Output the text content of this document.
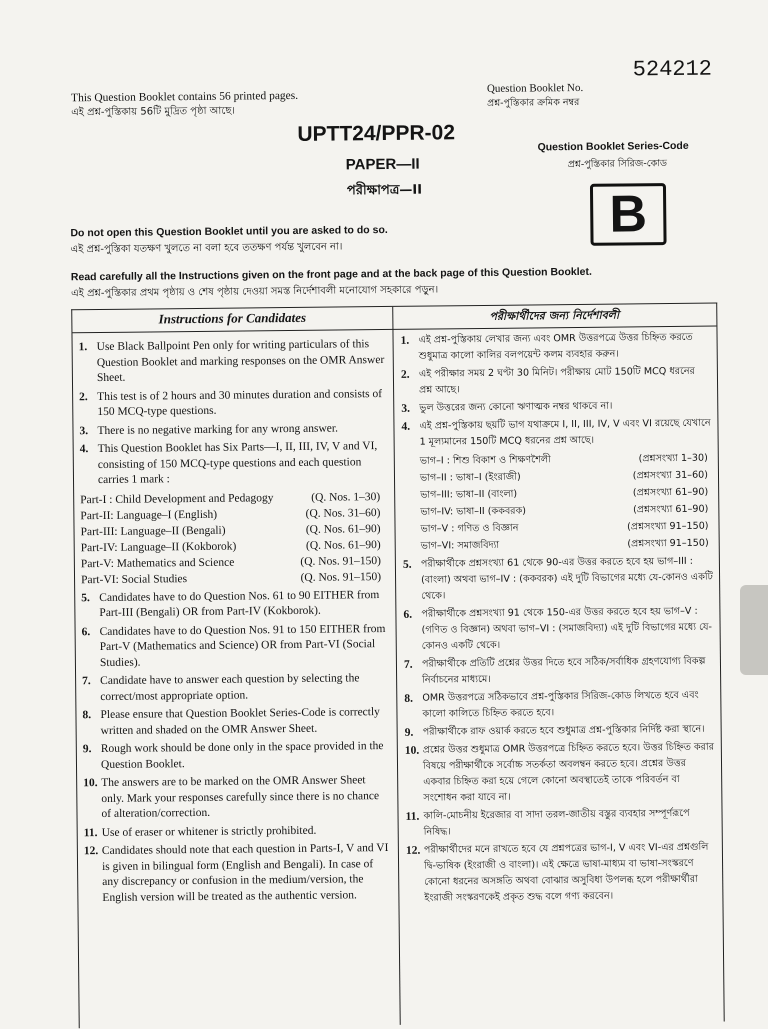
This Question Booklet contains 56 printed pages.
এই প্রশ্ন-পুস্তিকায় 56টি মুদ্রিত পৃষ্ঠা আছে।
Question Booklet No.
প্রশ্ন-পুস্তিকার ক্রমিক নম্বর
524212
UPTT24/PPR-02
PAPER—II
পরীক্ষাপত্র—II
Question Booklet Series-Code
প্রশ্ন-পুস্তিকার সিরিজ-কোড
B
Do not open this Question Booklet until you are asked to do so.
এই প্রশ্ন-পুস্তিকা যতক্ষণ খুলতে না বলা হবে ততক্ষণ পর্যন্ত খুলবেন না।
Read carefully all the Instructions given on the front page and at the back page of this Question Booklet.
এই প্রশ্ন-পুস্তিকার প্রথম পৃষ্ঠায় ও শেষ পৃষ্ঠায় দেওয়া সমস্ত নির্দেশাবলী মনোযোগ সহকারে পড়ুন।
Instructions for Candidates	পরীক্ষার্থীদের জন্য নির্দেশাবলী
1. Use Black Ballpoint Pen only for writing particulars of this Question Booklet and marking responses on the OMR Answer Sheet.
2. This test is of 2 hours and 30 minutes duration and consists of 150 MCQ-type questions.
3. There is no negative marking for any wrong answer.
4. This Question Booklet has Six Parts—I, II, III, IV, V and VI, consisting of 150 MCQ-type questions and each question carries 1 mark :
Part-I : Child Development and Pedagogy	(Q. Nos. 1–30)
Part-II: Language–I (English)	(Q. Nos. 31–60)
Part-III: Language–II (Bengali)	(Q. Nos. 61–90)
Part-IV: Language–II (Kokborok)	(Q. Nos. 61–90)
Part-V: Mathematics and Science	(Q. Nos. 91–150)
Part-VI: Social Studies	(Q. Nos. 91–150)
5. Candidates have to do Question Nos. 61 to 90 EITHER from Part-III (Bengali) OR from Part-IV (Kokborok).
6. Candidates have to do Question Nos. 91 to 150 EITHER from Part-V (Mathematics and Science) OR from Part-VI (Social Studies).
7. Candidate have to answer each question by selecting the correct/most appropriate option.
8. Please ensure that Question Booklet Series-Code is correctly written and shaded on the OMR Answer Sheet.
9. Rough work should be done only in the space provided in the Question Booklet.
10. The answers are to be marked on the OMR Answer Sheet only. Mark your responses carefully since there is no chance of alteration/correction.
11. Use of eraser or whitener is strictly prohibited.
12. Candidates should note that each question in Parts-I, V and VI is given in bilingual form (English and Bengali). In case of any discrepancy or confusion in the medium/version, the English version will be treated as the authentic version.
1. এই প্রশ্ন-পুস্তিকায় লেখার জন্য এবং OMR উত্তরপত্রে উত্তর চিহ্নিত করতে শুধুমাত্র কালো কালির বলপয়েন্ট কলম ব্যবহার করুন।
2. এই পরীক্ষার সময় 2 ঘণ্টা 30 মিনিট। পরীক্ষায় মোট 150টি MCQ ধরনের প্রশ্ন আছে।
3. ভুল উত্তরের জন্য কোনো ঋণাত্মক নম্বর থাকবে না।
4. এই প্রশ্ন-পুস্তিকায় ছয়টি ভাগ যথাক্রমে I, II, III, IV, V এবং VI রয়েছে যেখানে 1 মূল্যমানের 150টি MCQ ধরনের প্রশ্ন আছে।
ভাগ–I : শিশু বিকাশ ও শিক্ষণশৈলী	(প্রশ্নসংখ্যা 1–30)
ভাগ–II : ভাষা–I (ইংরাজী)	(প্রশ্নসংখ্যা 31–60)
ভাগ–III: ভাষা–II (বাংলা)	(প্রশ্নসংখ্যা 61–90)
ভাগ–IV: ভাষা–II (ককবরক)	(প্রশ্নসংখ্যা 61–90)
ভাগ–V : গণিত ও বিজ্ঞান	(প্রশ্নসংখ্যা 91–150)
ভাগ–VI: সমাজবিদ্যা	(প্রশ্নসংখ্যা 91–150)
5. পরীক্ষার্থীকে প্রশ্নসংখ্যা 61 থেকে 90-এর উত্তর করতে হবে হয় ভাগ–III : (বাংলা) অথবা ভাগ–IV : (ককবরক) এই দুটি বিভাগের মধ্যে যে-কোনও একটি থেকে।
6. পরীক্ষার্থীকে প্রশ্নসংখ্যা 91 থেকে 150-এর উত্তর করতে হবে হয় ভাগ–V : (গণিত ও বিজ্ঞান) অথবা ভাগ–VI : (সমাজবিদ্যা) এই দুটি বিভাগের মধ্যে যে-কোনও একটি থেকে।
7. পরীক্ষার্থীকে প্রতিটি প্রশ্নের উত্তর দিতে হবে সঠিক/সর্বাধিক গ্রহণযোগ্য বিকল্প নির্বাচনের মাধ্যমে।
8. OMR উত্তরপত্রে সঠিকভাবে প্রশ্ন-পুস্তিকার সিরিজ-কোড লিখতে হবে এবং কালো কালিতে চিহ্নিত করতে হবে।
9. পরীক্ষার্থীকে রাফ ওয়ার্ক করতে হবে শুধুমাত্র প্রশ্ন-পুস্তিকার নির্দিষ্ট করা স্থানে।
10. প্রশ্নের উত্তর শুধুমাত্র OMR উত্তরপত্রে চিহ্নিত করতে হবে। উত্তর চিহ্নিত করার বিষয়ে পরীক্ষার্থীকে সর্বোচ্চ সতর্কতা অবলম্বন করতে হবে। প্রশ্নের উত্তর একবার চিহ্নিত করা হয়ে গেলে কোনো অবস্থাতেই তাকে পরিবর্তন বা সংশোধন করা যাবে না।
11. কালি-মোচনীয় ইরেজার বা সাদা তরল-জাতীয় বস্তুর ব্যবহার সম্পূর্ণরূপে নিষিদ্ধ।
12. পরীক্ষার্থীদের মনে রাখতে হবে যে প্রশ্নপত্রের ভাগ-I, V এবং VI-এর প্রশ্নগুলি দ্বি-ভাষিক (ইংরাজী ও বাংলা)। এই ক্ষেত্রে ভাষা-মাধ্যম বা ভাষা-সংস্করণে কোনো ধরনের অসঙ্গতি অথবা বোঝার অসুবিধা উপলব্ধ হলে পরীক্ষার্থীরা ইংরাজী সংস্করণকেই প্রকৃত শুদ্ধ বলে গণ্য করবেন।
